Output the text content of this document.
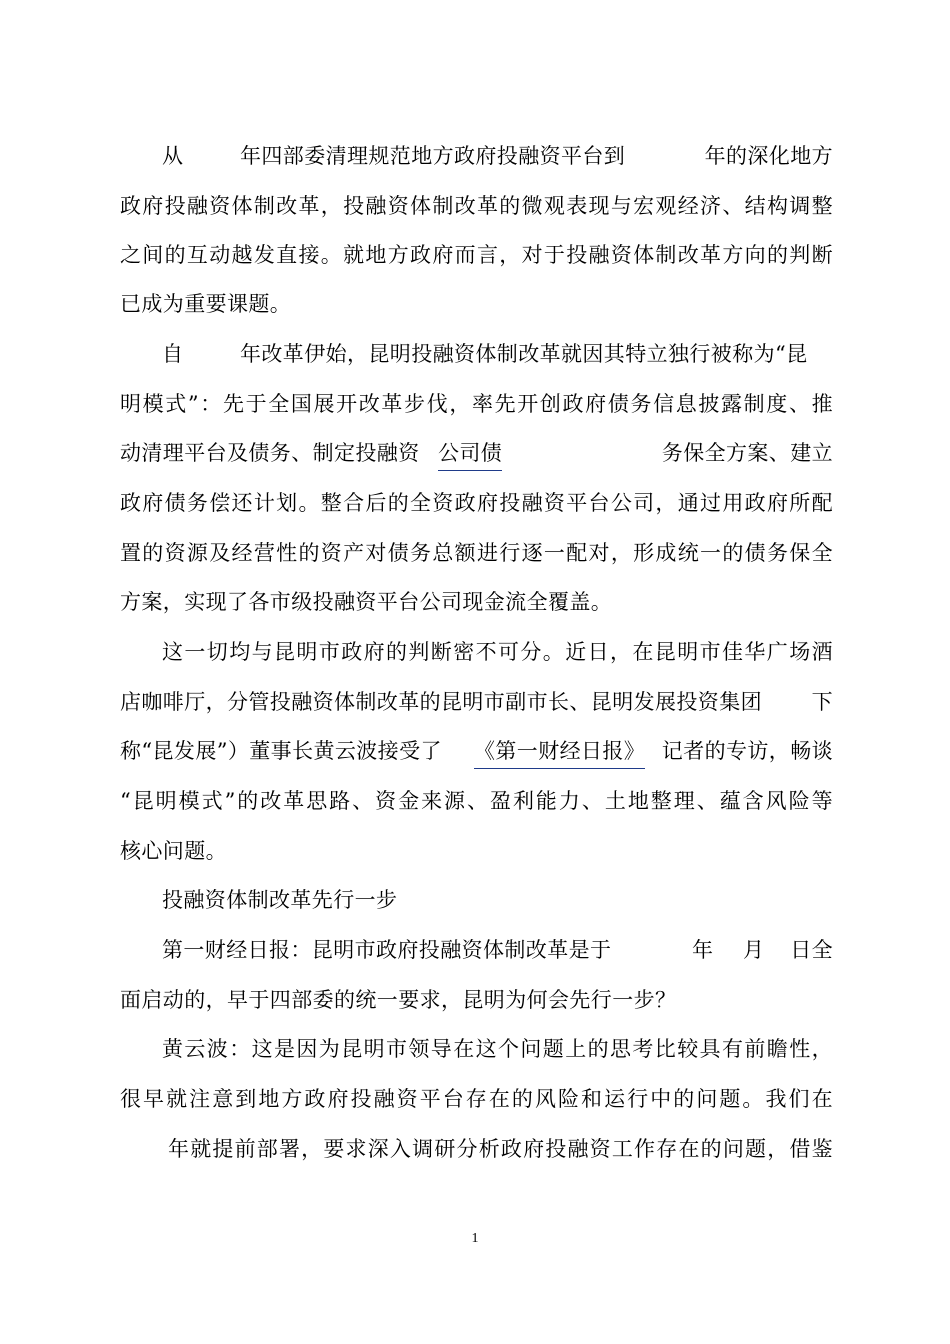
从	年四部委清理规范地方政府投融资平台到	年的深化地方
政府投融资体制改革，投融资体制改革的微观表现与宏观经济、结构调整
之间的互动越发直接。就地方政府而言，对于投融资体制改革方向的判断
已成为重要课题。
自	年改革伊始，昆明投融资体制改革就因其特立独行被称为“昆
明模式”：先于全国展开改革步伐，率先开创政府债务信息披露制度、推
动清理平台及债务、制定投融资 公司债	务保全方案、建立
政府债务偿还计划。整合后的全资政府投融资平台公司，通过用政府所配
置的资源及经营性的资产对债务总额进行逐一配对，形成统一的债务保全
方案，实现了各市级投融资平台公司现金流全覆盖。
这一切均与昆明市政府的判断密不可分。近日，在昆明市佳华广场酒
店咖啡厅，分管投融资体制改革的昆明市副市长、昆明发展投资集团 下
称“昆发展”）董事长黄云波接受了 《第一财经日报》 记者的专访，畅谈
“昆明模式”的改革思路、资金来源、盈利能力、土地整理、蕴含风险等
核心问题。
投融资体制改革先行一步
第一财经日报：昆明市政府投融资体制改革是于	年 月 日全
面启动的，早于四部委的统一要求，昆明为何会先行一步？
黄云波：这是因为昆明市领导在这个问题上的思考比较具有前瞻性，
很早就注意到地方政府投融资平台存在的风险和运行中的问题。我们在
年就提前部署，要求深入调研分析政府投融资工作存在的问题，借鉴
1
